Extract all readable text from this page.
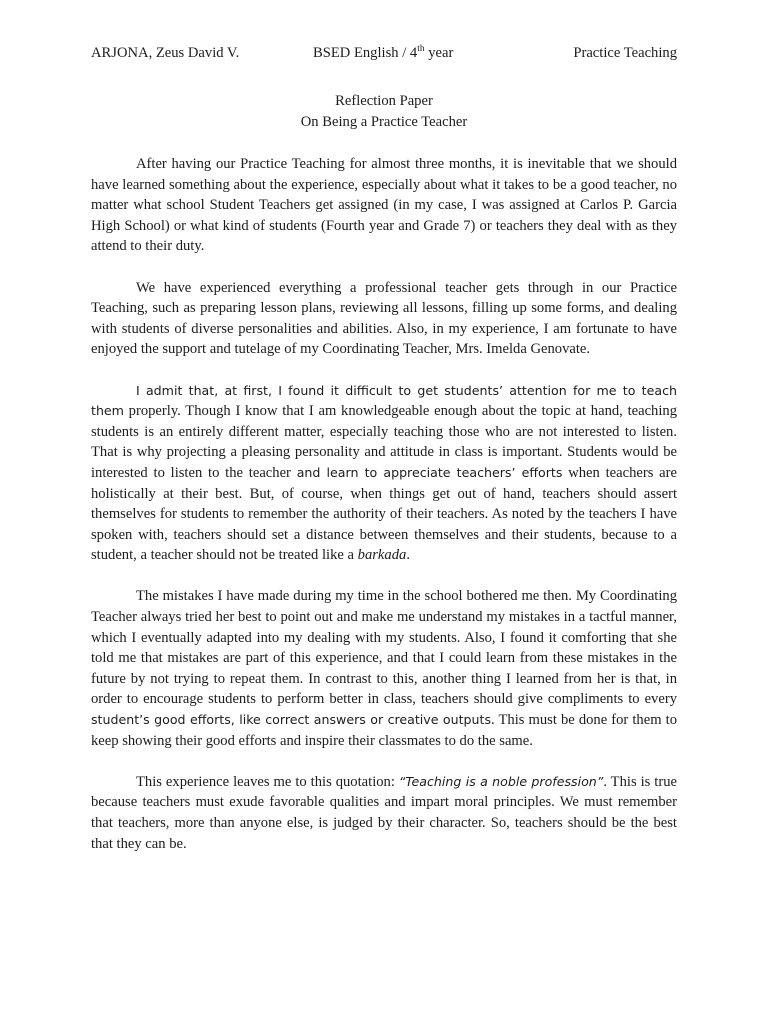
ARJONA, Zeus David V.	BSED English / 4th year	Practice Teaching
Reflection Paper
On Being a Practice Teacher

After having our Practice Teaching for almost three months, it is inevitable that we should have learned something about the experience, especially about what it takes to be a good teacher, no matter what school Student Teachers get assigned (in my case, I was assigned at Carlos P. Garcia High School) or what kind of students (Fourth year and Grade 7) or teachers they deal with as they attend to their duty.

We have experienced everything a professional teacher gets through in our Practice Teaching, such as preparing lesson plans, reviewing all lessons, filling up some forms, and dealing with students of diverse personalities and abilities. Also, in my experience, I am fortunate to have enjoyed the support and tutelage of my Coordinating Teacher, Mrs. Imelda Genovate.

I admit that, at first, I found it difficult to get students’ attention for me to teach them properly. Though I know that I am knowledgeable enough about the topic at hand, teaching students is an entirely different matter, especially teaching those who are not interested to listen. That is why projecting a pleasing personality and attitude in class is important. Students would be interested to listen to the teacher and learn to appreciate teachers’ efforts when teachers are holistically at their best. But, of course, when things get out of hand, teachers should assert themselves for students to remember the authority of their teachers. As noted by the teachers I have spoken with, teachers should set a distance between themselves and their students, because to a student, a teacher should not be treated like a barkada.

The mistakes I have made during my time in the school bothered me then. My Coordinating Teacher always tried her best to point out and make me understand my mistakes in a tactful manner, which I eventually adapted into my dealing with my students. Also, I found it comforting that she told me that mistakes are part of this experience, and that I could learn from these mistakes in the future by not trying to repeat them. In contrast to this, another thing I learned from her is that, in order to encourage students to perform better in class, teachers should give compliments to every student’s good efforts, like correct answers or creative outputs. This must be done for them to keep showing their good efforts and inspire their classmates to do the same.

This experience leaves me to this quotation: “Teaching is a noble profession”. This is true because teachers must exude favorable qualities and impart moral principles. We must remember that teachers, more than anyone else, is judged by their character. So, teachers should be the best that they can be.
